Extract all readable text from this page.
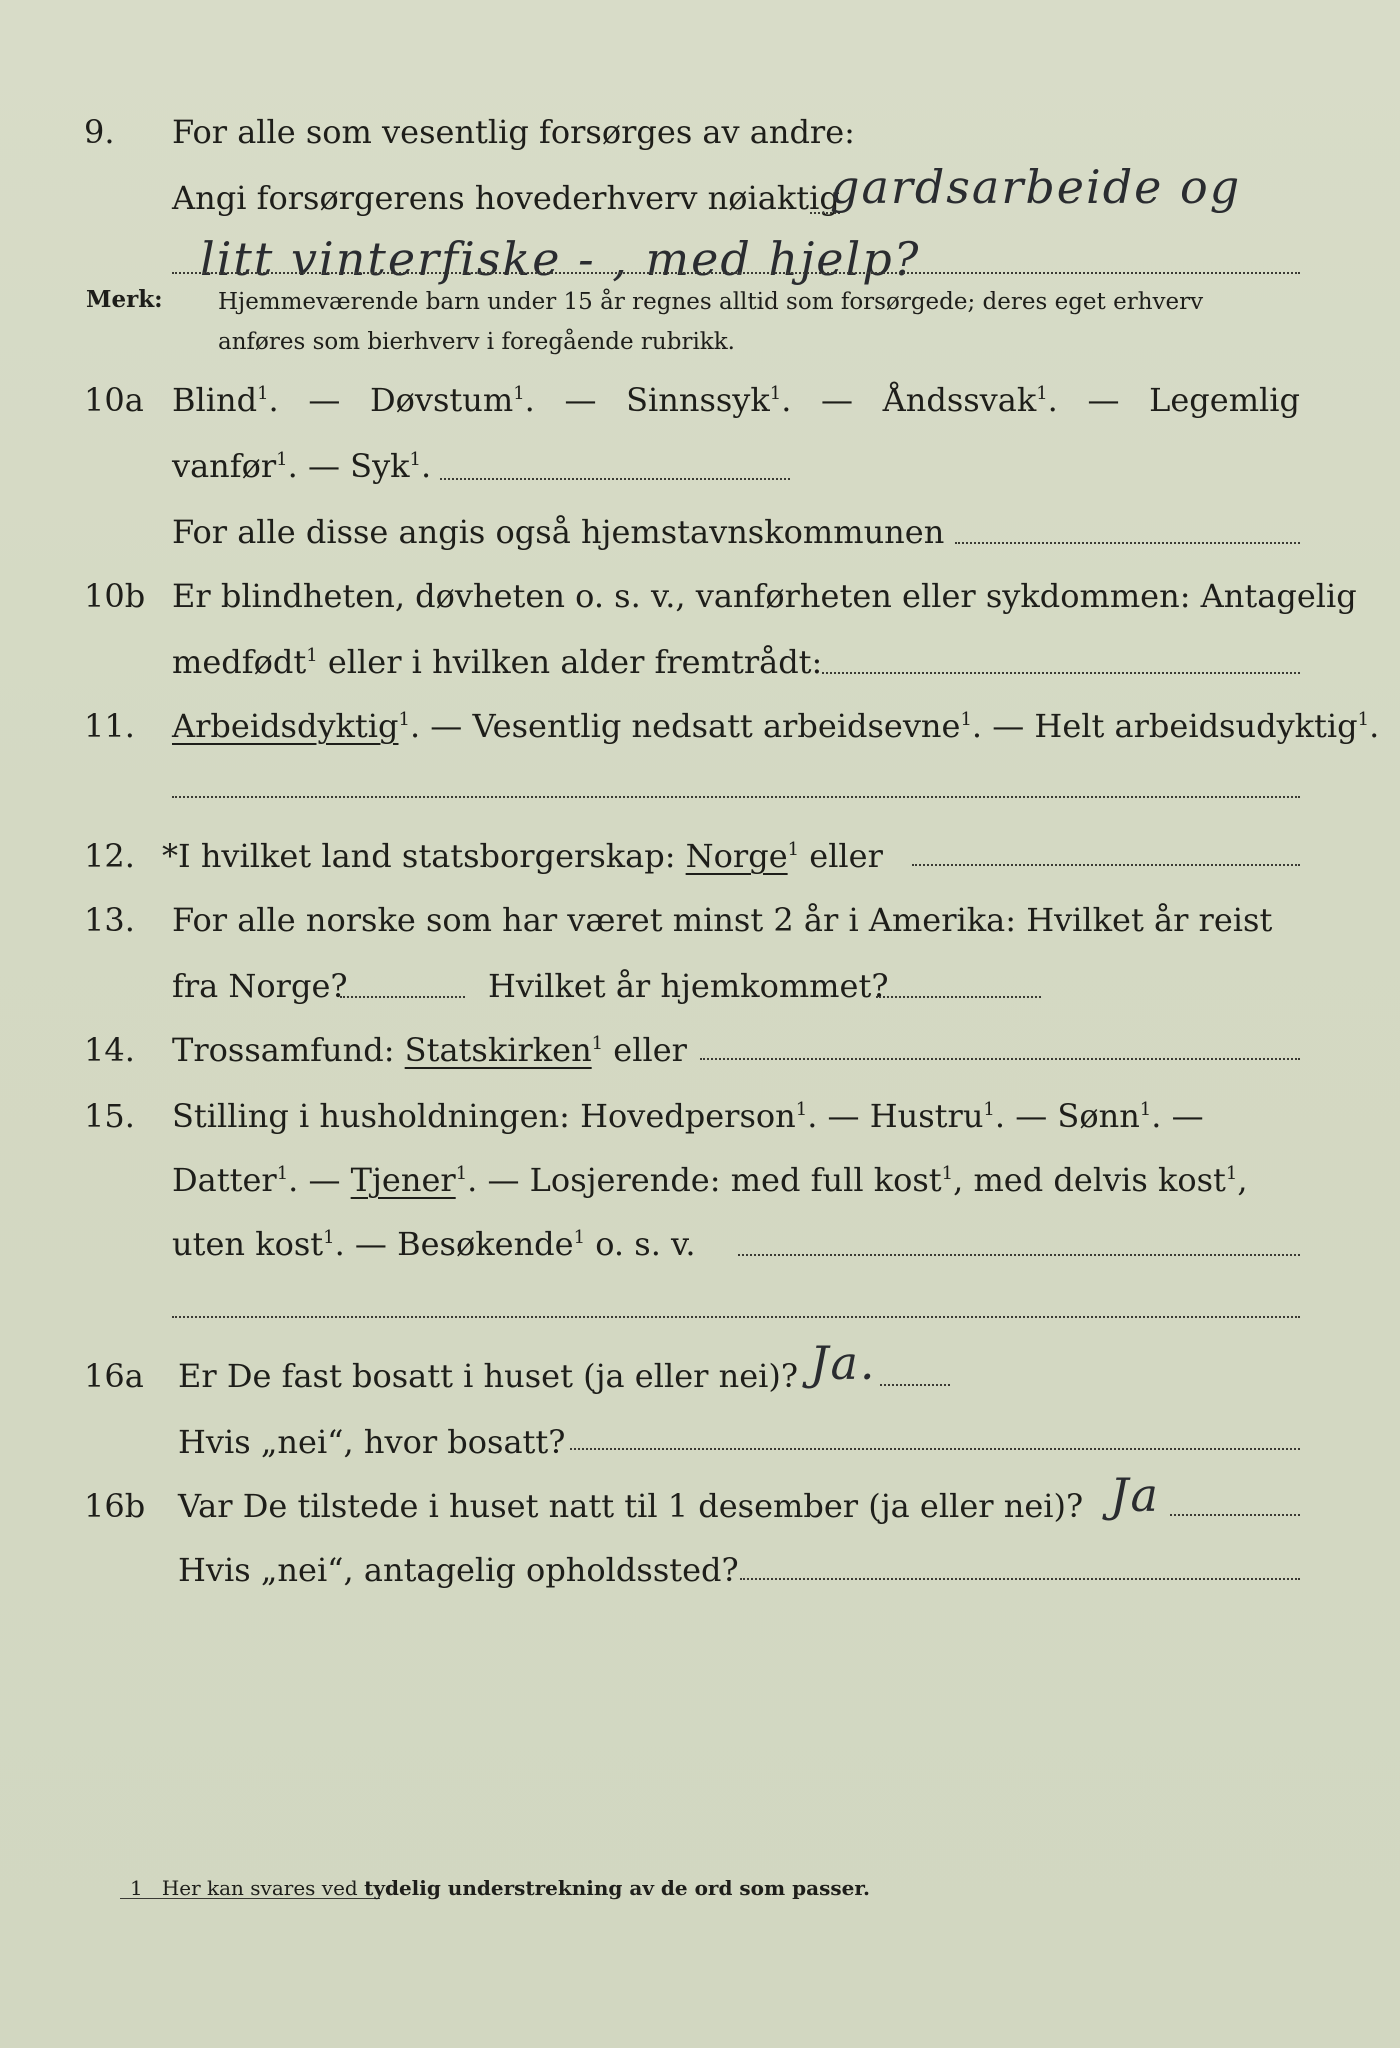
9. For alle som vesentlig forsørges av andre:
Angi forsørgerens hovederhverv nøiaktig
gardsarbeide og
litt vinterfiske - , med hjelp?
Merk: Hjemmeværende barn under 15 år regnes alltid som forsørgede; deres eget erhverv
anføres som bierhverv i foregående rubrikk.
10a Blind$^1$. — Døvstum$^1$. — Sinnssyk$^1$. — Åndssvak$^1$. — Legemlig
vanfør$^1$. — Syk$^1$.
For alle disse angis også hjemstavnskommunen
10b Er blindheten, døvheten o. s. v., vanførheten eller sykdommen: Antagelig
medfødt$^1$ eller i hvilken alder fremtrådt:
11. Arbeidsdyktig$^1$. — Vesentlig nedsatt arbeidsevne$^1$. — Helt arbeidsudyktig$^1$.
12. *I hvilket land statsborgerskap: Norge$^1$ eller
13. For alle norske som har været minst 2 år i Amerika: Hvilket år reist
fra Norge?	Hvilket år hjemkommet?
14. Trossamfund: Statskirken$^1$ eller
15. Stilling i husholdningen: Hovedperson$^1$. — Hustru$^1$. — Sønn$^1$. —
Datter$^1$. — Tjener$^1$. — Losjerende: med full kost$^1$, med delvis kost$^1$,
uten kost$^1$. — Besøkende$^1$ o. s. v.
16a Er De fast bosatt i huset (ja eller nei)? Ja.
Hvis „nei“, hvor bosatt?
16b Var De tilstede i huset natt til 1 desember (ja eller nei)? Ja
Hvis „nei“, antagelig opholdssted?
1 Her kan svares ved tydelig understrekning av de ord som passer.
